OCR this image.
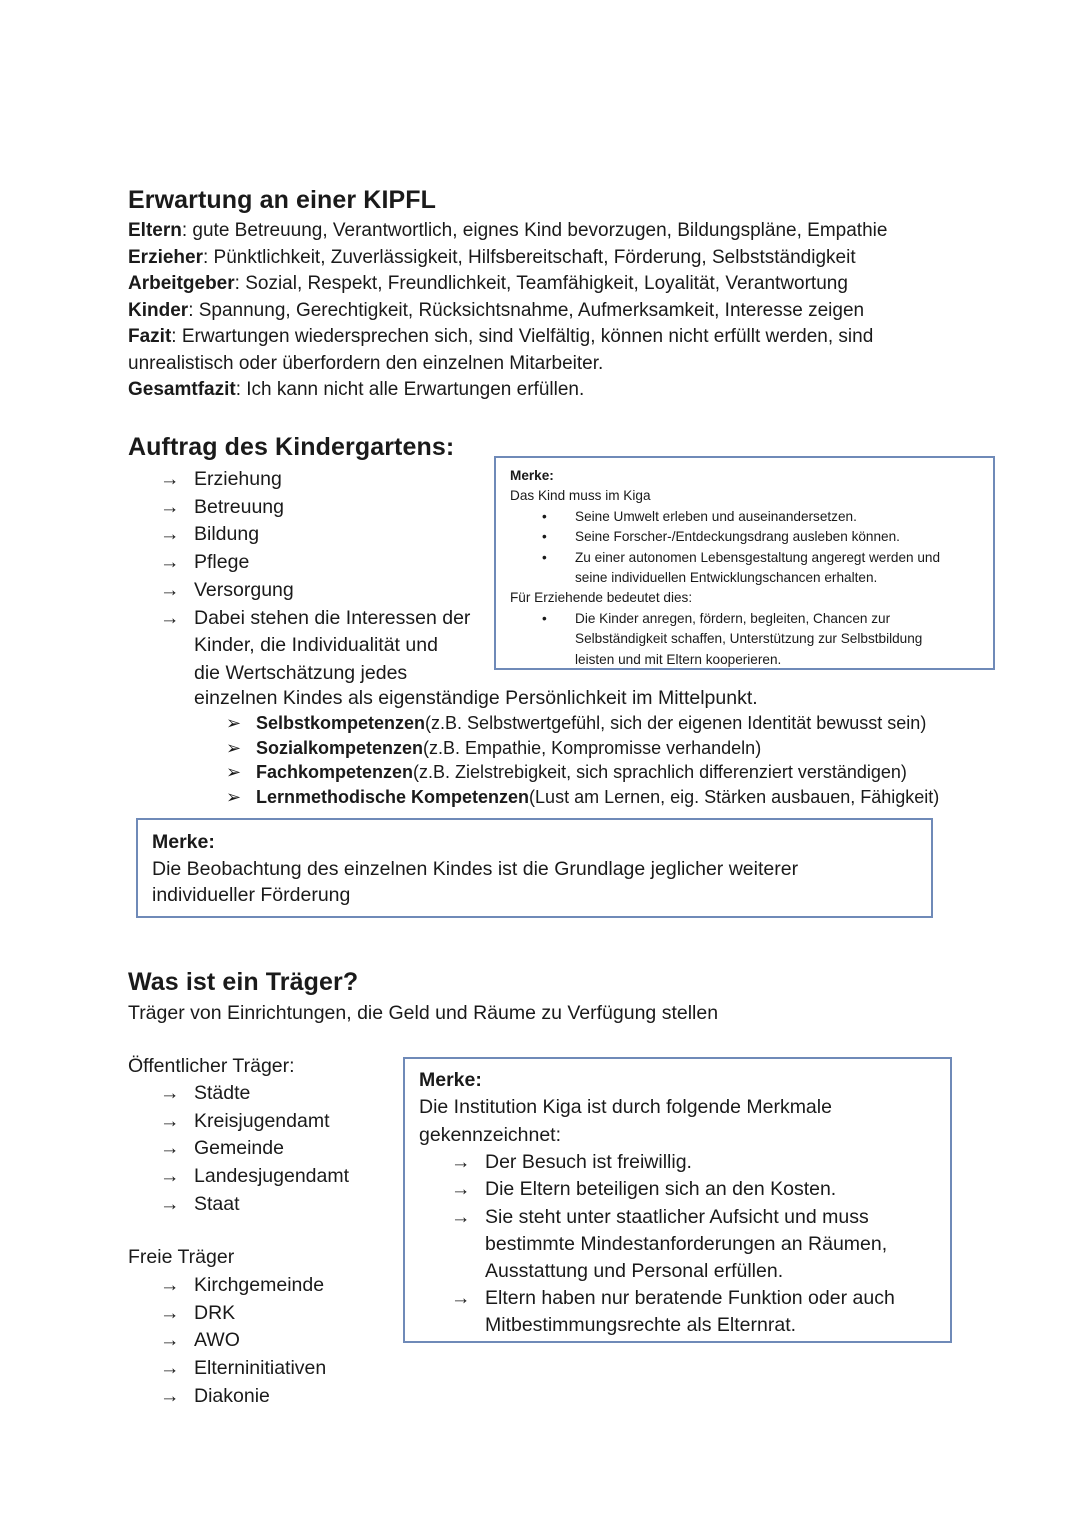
Erwartung an einer KIPFL
Eltern: gute Betreuung, Verantwortlich, eignes Kind bevorzugen, Bildungspläne, Empathie
Erzieher: Pünktlichkeit, Zuverlässigkeit, Hilfsbereitschaft, Förderung, Selbstständigkeit
Arbeitgeber: Sozial, Respekt, Freundlichkeit, Teamfähigkeit, Loyalität, Verantwortung
Kinder: Spannung, Gerechtigkeit, Rücksichtsnahme, Aufmerksamkeit, Interesse zeigen
Fazit: Erwartungen wiedersprechen sich, sind Vielfältig, können nicht erfüllt werden, sind
unrealistisch oder überfordern den einzelnen Mitarbeiter.
Gesamtfazit: Ich kann nicht alle Erwartungen erfüllen.
Auftrag des Kindergartens:
→ Erziehung
→ Betreuung
→ Bildung
→ Pflege
→ Versorgung
→ Dabei stehen die Interessen der
Kinder, die Individualität und
die Wertschätzung jedes
einzelnen Kindes als eigenständige Persönlichkeit im Mittelpunkt.
➢ Selbstkompetenzen(z.B. Selbstwertgefühl, sich der eigenen Identität bewusst sein)
➢ Sozialkompetenzen(z.B. Empathie, Kompromisse verhandeln)
➢ Fachkompetenzen(z.B. Zielstrebigkeit, sich sprachlich differenziert verständigen)
➢ Lernmethodische Kompetenzen(Lust am Lernen, eig. Stärken ausbauen, Fähigkeit)
Merke:
Das Kind muss im Kiga
• Seine Umwelt erleben und auseinandersetzen.
• Seine Forscher-/Entdeckungsdrang ausleben können.
• Zu einer autonomen Lebensgestaltung angeregt werden und
seine individuellen Entwicklungschancen erhalten.
Für Erziehende bedeutet dies:
• Die Kinder anregen, fördern, begleiten, Chancen zur
Selbständigkeit schaffen, Unterstützung zur Selbstbildung
leisten und mit Eltern kooperieren.
Merke:
Die Beobachtung des einzelnen Kindes ist die Grundlage jeglicher weiterer
individueller Förderung
Was ist ein Träger?
Träger von Einrichtungen, die Geld und Räume zu Verfügung stellen
Öffentlicher Träger:
→ Städte
→ Kreisjugendamt
→ Gemeinde
→ Landesjugendamt
→ Staat
Freie Träger
→ Kirchgemeinde
→ DRK
→ AWO
→ Elterninitiativen
→ Diakonie
Merke:
Die Institution Kiga ist durch folgende Merkmale
gekennzeichnet:
→ Der Besuch ist freiwillig.
→ Die Eltern beteiligen sich an den Kosten.
→ Sie steht unter staatlicher Aufsicht und muss
bestimmte Mindestanforderungen an Räumen,
Ausstattung und Personal erfüllen.
→ Eltern haben nur beratende Funktion oder auch
Mitbestimmungsrechte als Elternrat.
